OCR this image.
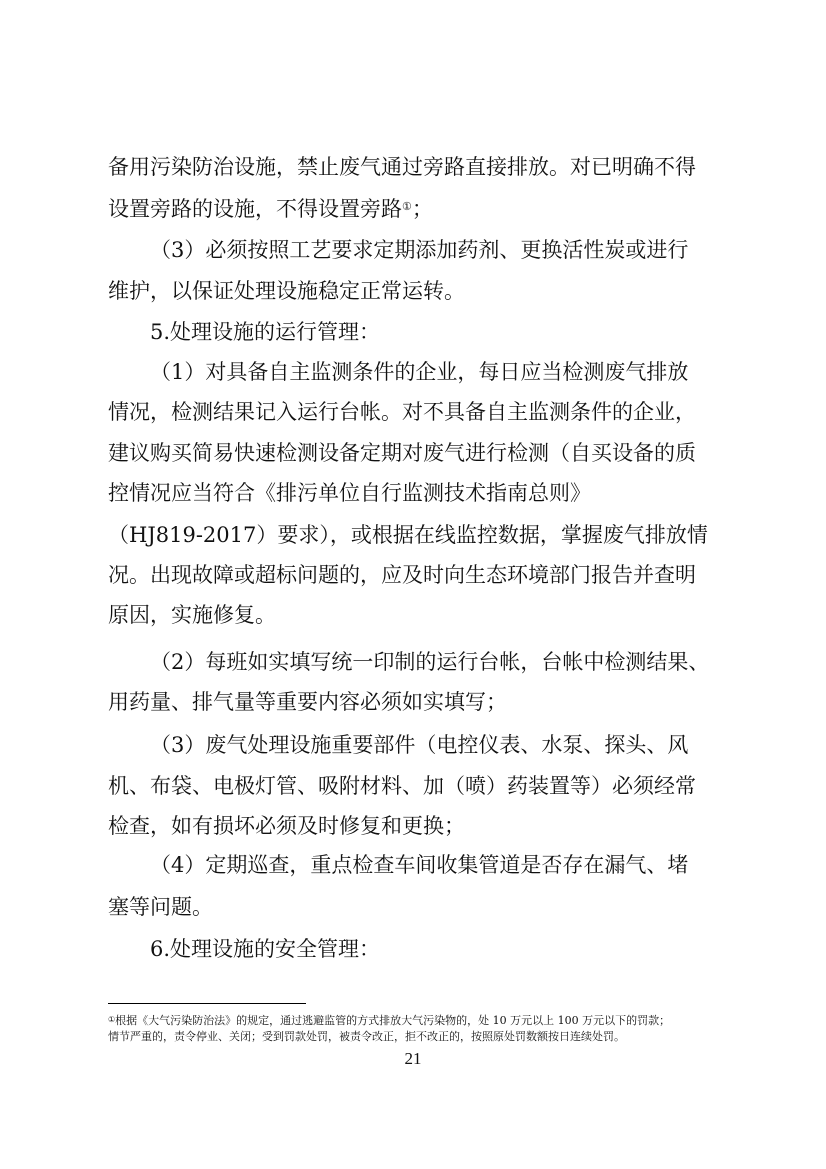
备用污染防治设施，禁止废气通过旁路直接排放。对已明确不得

设置旁路的设施，不得设置旁路①；

（3）必须按照工艺要求定期添加药剂、更换活性炭或进行

维护，以保证处理设施稳定正常运转。

5.处理设施的运行管理：

（1）对具备自主监测条件的企业，每日应当检测废气排放

情况，检测结果记入运行台帐。对不具备自主监测条件的企业，

建议购买简易快速检测设备定期对废气进行检测（自买设备的质

控情况应当符合《排污单位自行监测技术指南总则》

（HJ819-2017）要求），或根据在线监控数据，掌握废气排放情

况。出现故障或超标问题的，应及时向生态环境部门报告并查明

原因，实施修复。

（2）每班如实填写统一印制的运行台帐，台帐中检测结果、

用药量、排气量等重要内容必须如实填写；

（3）废气处理设施重要部件（电控仪表、水泵、探头、风

机、布袋、电极灯管、吸附材料、加（喷）药装置等）必须经常

检查，如有损坏必须及时修复和更换；

（4）定期巡查，重点检查车间收集管道是否存在漏气、堵

塞等问题。

6.处理设施的安全管理：

①根据《大气污染防治法》的规定，通过逃避监管的方式排放大气污染物的，处 10 万元以上 100 万元以下的罚款；

情节严重的，责令停业、关闭；受到罚款处罚，被责令改正，拒不改正的，按照原处罚数额按日连续处罚。

21
